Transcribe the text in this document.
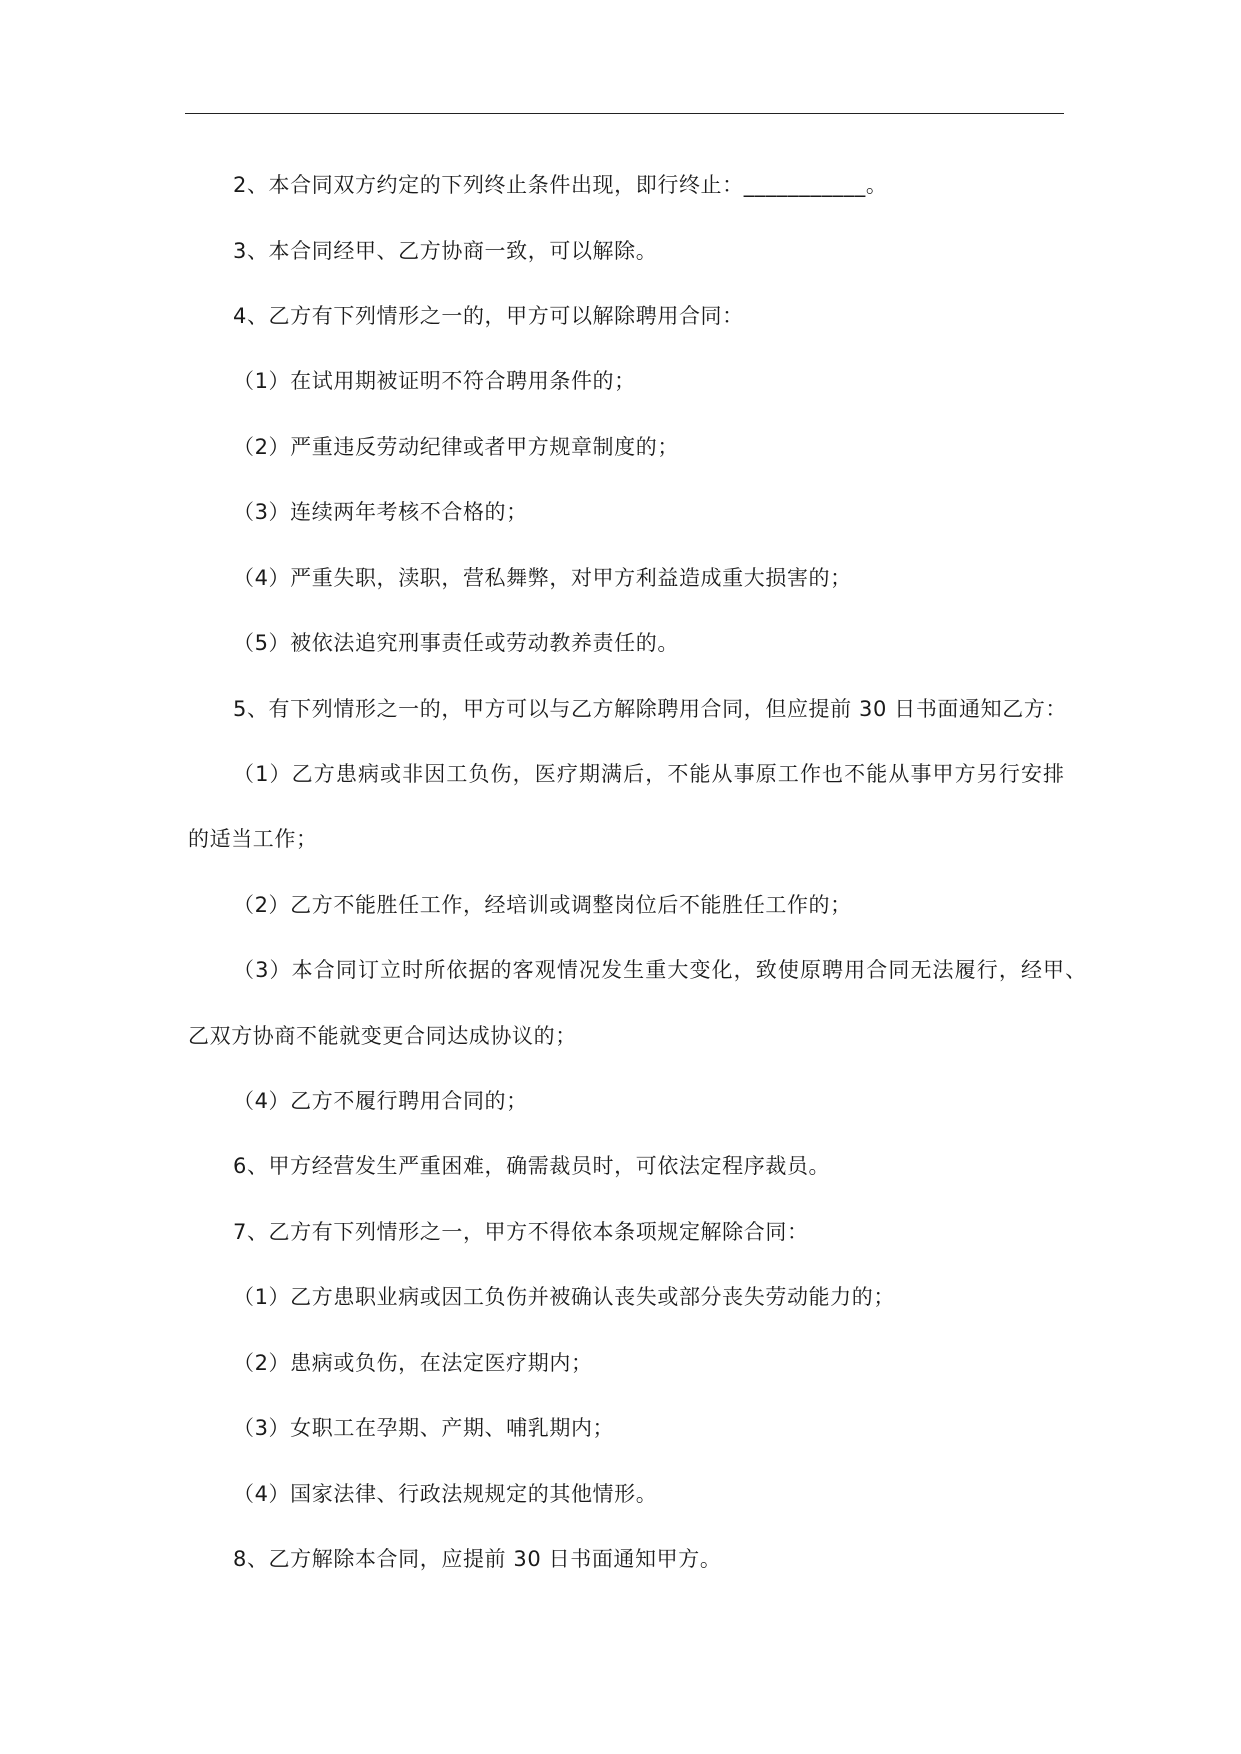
2、本合同双方约定的下列终止条件出现，即行终止：___________。
3、本合同经甲、乙方协商一致，可以解除。
4、乙方有下列情形之一的，甲方可以解除聘用合同：
（1）在试用期被证明不符合聘用条件的；
（2）严重违反劳动纪律或者甲方规章制度的；
（3）连续两年考核不合格的；
（4）严重失职，渎职，营私舞弊，对甲方利益造成重大损害的；
（5）被依法追究刑事责任或劳动教养责任的。
5、有下列情形之一的，甲方可以与乙方解除聘用合同，但应提前 30 日书面通知乙方：
（1）乙方患病或非因工负伤，医疗期满后，不能从事原工作也不能从事甲方另行安排
的适当工作；
（2）乙方不能胜任工作，经培训或调整岗位后不能胜任工作的；
（3）本合同订立时所依据的客观情况发生重大变化，致使原聘用合同无法履行，经甲、
乙双方协商不能就变更合同达成协议的；
（4）乙方不履行聘用合同的；
6、甲方经营发生严重困难，确需裁员时，可依法定程序裁员。
7、乙方有下列情形之一，甲方不得依本条项规定解除合同：
（1）乙方患职业病或因工负伤并被确认丧失或部分丧失劳动能力的；
（2）患病或负伤，在法定医疗期内；
（3）女职工在孕期、产期、哺乳期内；
（4）国家法律、行政法规规定的其他情形。
8、乙方解除本合同，应提前 30 日书面通知甲方。
